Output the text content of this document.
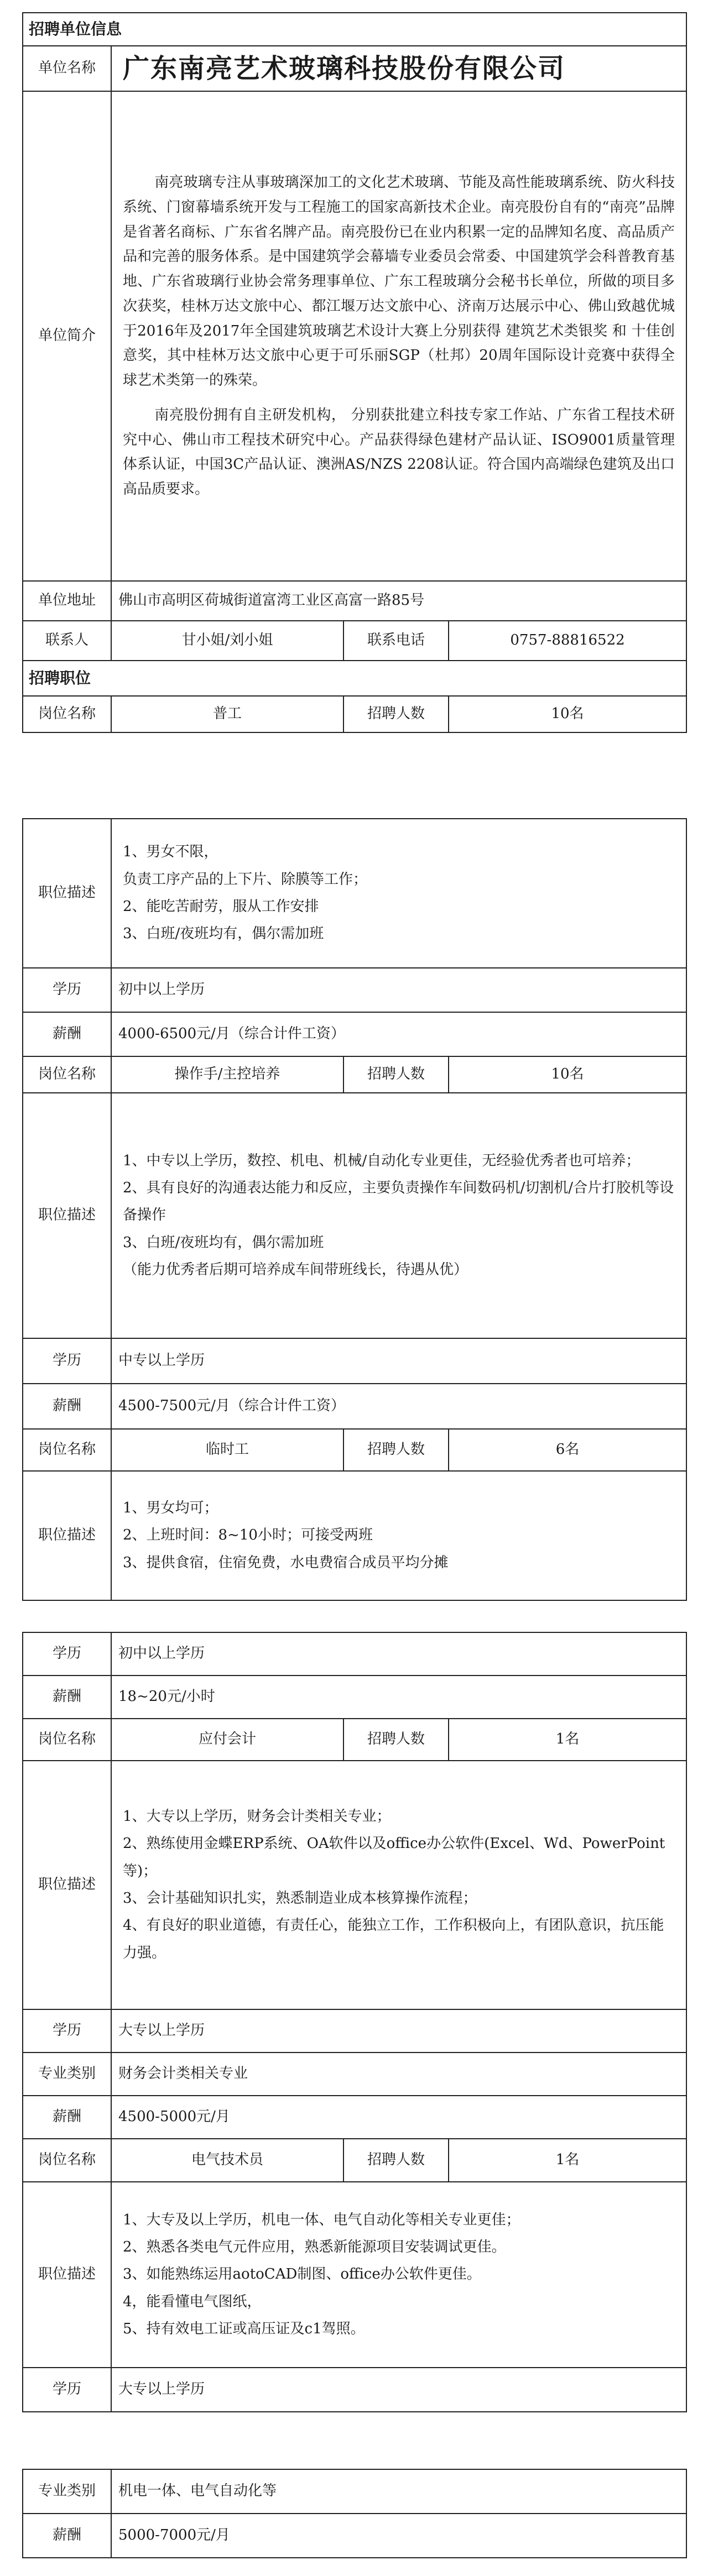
招聘单位信息			
单位名称	广东南亮艺术玻璃科技股份有限公司		
单位简介	南亮玻璃专注从事玻璃深加工的文化艺术玻璃、节能及高性能玻璃系统、防火科技系统、门窗幕墙系统开发与工程施工的国家高新技术企业。南亮股份自有的“南亮”品牌是省著名商标、广东省名牌产品。南亮股份已在业内积累一定的品牌知名度、高品质产品和完善的服务体系。是中国建筑学会幕墙专业委员会常委、中国建筑学会科普教育基地、广东省玻璃行业协会常务理事单位、广东工程玻璃分会秘书长单位，所做的项目多次获奖，桂林万达文旅中心、都江堰万达文旅中心、济南万达展示中心、佛山致越优城于2016年及2017年全国建筑玻璃艺术设计大赛上分别获得 建筑艺术类银奖 和 十佳创意奖，其中桂林万达文旅中心更于可乐丽SGP（杜邦）20周年国际设计竞赛中获得全球艺术类第一的殊荣。

南亮股份拥有自主研发机构， 分别获批建立科技专家工作站、广东省工程技术研究中心、佛山市工程技术研究中心。产品获得绿色建材产品认证、ISO9001质量管理体系认证，中国3C产品认证、澳洲AS/NZS 2208认证。符合国内高端绿色建筑及出口高品质要求。		

单位地址	佛山市高明区荷城街道富湾工业区高富一路85号		
联系人	甘小姐/刘小姐	联系电话	0757-88816522
招聘职位			
岗位名称	普工	招聘人数	10名
职位描述	1、男女不限，
负责工序产品的上下片、除膜等工作；
2、能吃苦耐劳，服从工作安排
3、白班/夜班均有，偶尔需加班		

学历	初中以上学历		
薪酬	4000-6500元/月（综合计件工资）		
岗位名称	操作手/主控培养	招聘人数	10名
职位描述	1、中专以上学历，数控、机电、机械/自动化专业更佳，无经验优秀者也可培养；
2、具有良好的沟通表达能力和反应，主要负责操作车间数码机/切割机/合片打胶机等设备操作
3、白班/夜班均有，偶尔需加班
（能力优秀者后期可培养成车间带班线长，待遇从优）		

学历	中专以上学历		
薪酬	4500-7500元/月（综合计件工资）		
岗位名称	临时工	招聘人数	6名
职位描述	1、男女均可；
2、上班时间：8~10小时；可接受两班
3、提供食宿，住宿免费，水电费宿合成员平均分摊		
学历	初中以上学历		
薪酬	18~20元/小时		
岗位名称	应付会计	招聘人数	1名
职位描述	1、大专以上学历，财务会计类相关专业；
2、熟练使用金蝶ERP系统、OA软件以及office办公软件(Excel、Wd、PowerPoint等)；
3、会计基础知识扎实，熟悉制造业成本核算操作流程；
4、有良好的职业道德，有责任心，能独立工作，工作积极向上，有团队意识，抗压能力强。		

学历	大专以上学历		
专业类别	财务会计类相关专业		
薪酬	4500-5000元/月		
岗位名称	电气技术员	招聘人数	1名
职位描述	1、大专及以上学历，机电一体、电气自动化等相关专业更佳；
2、熟悉各类电气元件应用，熟悉新能源项目安装调试更佳。
3、如能熟练运用aotoCAD制图、office办公软件更佳。
4，能看懂电气图纸，
5、持有效电工证或高压证及c1驾照。		

学历	大专以上学历		
专业类别	机电一体、电气自动化等
薪酬	5000-7000元/月
